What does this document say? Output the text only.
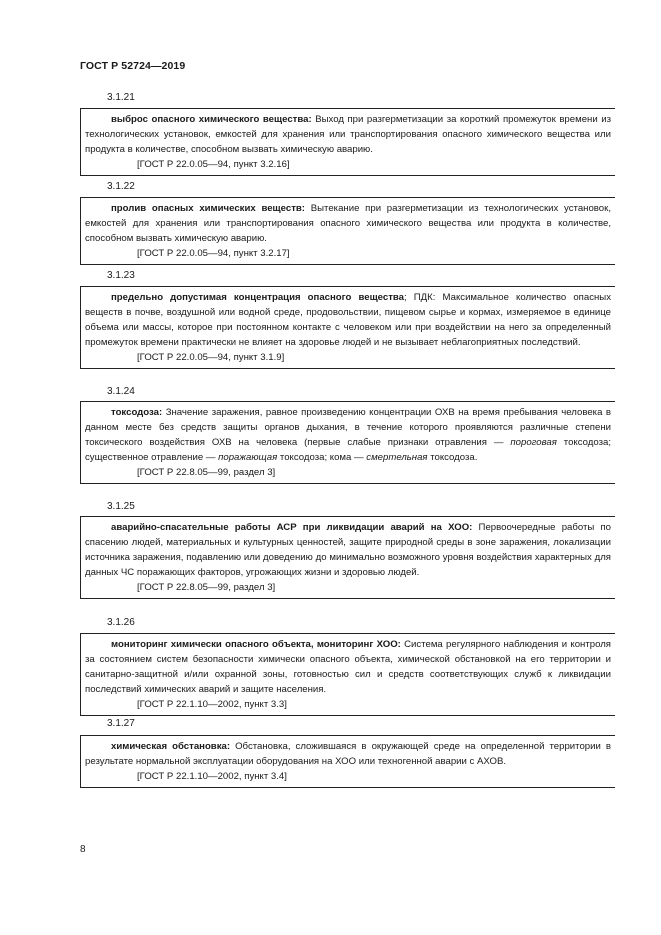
ГОСТ Р 52724—2019
3.1.21

выброс опасного химического вещества: Выход при разгерметизации за короткий промежуток времени из технологических установок, емкостей для хранения или транспортирования опасного химического вещества или продукта в количестве, способном вызвать химическую аварию.

[ГОСТ Р 22.0.05—94, пункт 3.2.16]

3.1.22

пролив опасных химических веществ: Вытекание при разгерметизации из технологических установок, емкостей для хранения или транспортирования опасного химического вещества или продукта в количестве, способном вызвать химическую аварию.

[ГОСТ Р 22.0.05—94, пункт 3.2.17]

3.1.23

предельно допустимая концентрация опасного вещества; ПДК: Максимальное количество опасных веществ в почве, воздушной или водной среде, продовольствии, пищевом сырье и кормах, измеряемое в единице объема или массы, которое при постоянном контакте с человеком или при воздействии на него за определенный промежуток времени практически не влияет на здоровье людей и не вызывает неблагоприятных последствий.

[ГОСТ Р 22.0.05—94, пункт 3.1.9]

3.1.24

токсодоза: Значение заражения, равное произведению концентрации ОХВ на время пребывания человека в данном месте без средств защиты органов дыхания, в течение которого проявляются различные степени токсического воздействия ОХВ на человека (первые слабые признаки отравления — пороговая токсодоза; существенное отравление — поражающая токсодоза; кома — смертельная токсодоза.

[ГОСТ Р 22.8.05—99, раздел 3]

3.1.25

аварийно-спасательные работы АСР при ликвидации аварий на ХОО: Первоочередные работы по спасению людей, материальных и культурных ценностей, защите природной среды в зоне заражения, локализации источника заражения, подавлению или доведению до минимально возможного уровня воздействия характерных для данных ЧС поражающих факторов, угрожающих жизни и здоровью людей.

[ГОСТ Р 22.8.05—99, раздел 3]

3.1.26

мониторинг химически опасного объекта, мониторинг ХОО: Система регулярного наблюдения и контроля за состоянием систем безопасности химически опасного объекта, химической обстановкой на его территории и санитарно-защитной и/или охранной зоны, готовностью сил и средств соответствующих служб к ликвидации последствий химических аварий и защите населения.

[ГОСТ Р 22.1.10—2002, пункт 3.3]

3.1.27

химическая обстановка: Обстановка, сложившаяся в окружающей среде на определенной территории в результате нормальной эксплуатации оборудования на ХОО или техногенной аварии с АХОВ.

[ГОСТ Р 22.1.10—2002, пункт 3.4]

8
